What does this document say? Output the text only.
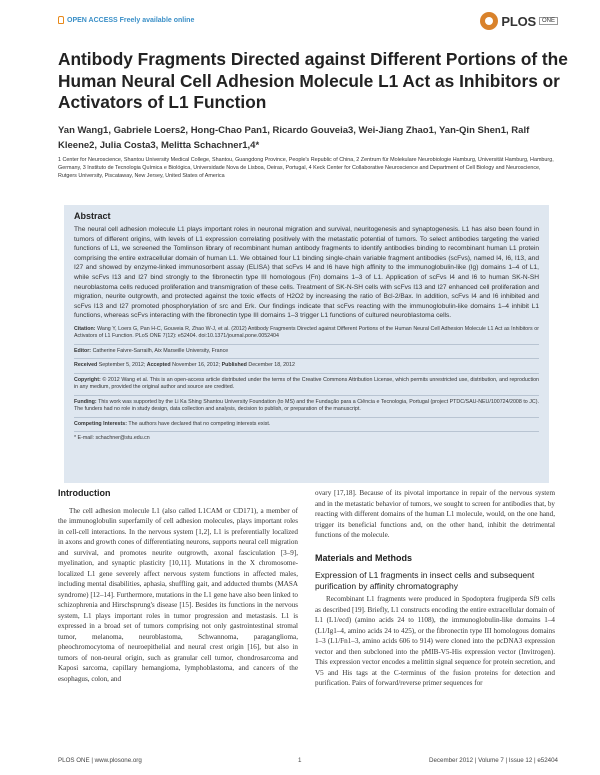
OPEN ACCESS Freely available online	PLOS	ONE
Antibody Fragments Directed against Different Portions of the Human Neural Cell Adhesion Molecule L1 Act as Inhibitors or Activators of L1 Function
Yan Wang1, Gabriele Loers2, Hong-Chao Pan1, Ricardo Gouveia3, Wei-Jiang Zhao1, Yan-Qin Shen1, Ralf Kleene2, Julia Costa3, Melitta Schachner1,4*
1 Center for Neuroscience, Shantou University Medical College, Shantou, Guangdong Province, People's Republic of China, 2 Zentrum für Molekulare Neurobiologie Hamburg, Universität Hamburg, Hamburg, Germany, 3 Instituto de Tecnologia Química e Biológica, Universidade Nova de Lisboa, Oeiras, Portugal, 4 Keck Center for Collaborative Neuroscience and Department of Cell Biology and Neuroscience, Rutgers University, Piscataway, New Jersey, United States of America
Abstract
The neural cell adhesion molecule L1 plays important roles in neuronal migration and survival, neuritogenesis and synaptogenesis. L1 has also been found in tumors of different origins, with levels of L1 expression correlating positively with the metastatic potential of tumors. To select antibodies targeting the varied functions of L1, we screened the Tomlinson library of recombinant human antibody fragments to identify antibodies binding to recombinant human L1 protein comprising the entire extracellular domain of human L1. We obtained four L1 binding single-chain variable fragment antibodies (scFvs), named I4, I6, I13, and I27 and showed by enzyme-linked immunosorbent assay (ELISA) that scFvs I4 and I6 have high affinity to the immunoglobulin-like (Ig) domains 1–4 of L1, while scFvs I13 and I27 bind strongly to the fibronectin type III homologous (Fn) domains 1–3 of L1. Application of scFvs I4 and I6 to human SK-N-SH neuroblastoma cells reduced proliferation and transmigration of these cells. Treatment of SK-N-SH cells with scFvs I13 and I27 enhanced cell proliferation and migration, neurite outgrowth, and protected against the toxic effects of H2O2 by increasing the ratio of Bcl-2/Bax. In addition, scFvs I4 and I6 inhibited and scFvs I13 and I27 promoted phosphorylation of src and Erk. Our findings indicate that scFvs reacting with the immunoglobulin-like domains 1–4 inhibit L1 functions, whereas scFvs interacting with the fibronectin type III domains 1–3 trigger L1 functions of cultured neuroblastoma cells.

Citation: Wang Y, Loers G, Pan H-C, Gouveia R, Zhao W-J, et al. (2012) Antibody Fragments Directed against Different Portions of the Human Neural Cell Adhesion Molecule L1 Act as Inhibitors or Activators of L1 Function. PLoS ONE 7(12): e52404. doi:10.1371/journal.pone.0052404

Editor: Catherine Faivre-Sarrailh, Aix Marseille University, France

Received September 5, 2012; Accepted November 16, 2012; Published December 18, 2012

Copyright: © 2012 Wang et al. This is an open-access article distributed under the terms of the Creative Commons Attribution License, which permits unrestricted use, distribution, and reproduction in any medium, provided the original author and source are credited.

Funding: This work was supported by the Li Ka Shing Shantou University Foundation (to MS) and the Fundação para a Ciência e Tecnologia, Portugal (project PTDC/SAU-NEU/100724/2008 to JC). The funders had no role in study design, data collection and analysis, decision to publish, or preparation of the manuscript.

Competing Interests: The authors have declared that no competing interests exist.

* E-mail: schachner@stu.edu.cn

Introduction

The cell adhesion molecule L1 (also called L1CAM or CD171), a member of the immunoglobulin superfamily of cell adhesion molecules, plays important roles in cell-cell interactions. In the nervous system [1,2], L1 is preferentially localized in axons and growth cones of differentiating neurons, supports neural cell migration and survival, and promotes neurite outgrowth, axonal fasciculation [3–9], myelination, and synaptic plasticity [10,11]. Mutations in the X chromosome-localized L1 gene severely affect nervous system functions in affected males, including mental disabilities, aphasia, shuffling gait, and adducted thumbs (MASA syndrome) [12–14]. Furthermore, mutations in the L1 gene have also been linked to schizophrenia and Hirschsprung's disease [15]. Besides its functions in the nervous system, L1 plays important roles in tumor progression and metastasis. L1 is expressed in a broad set of tumors comprising not only gastrointestinal stromal tumor, melanoma, neuroblastoma, Schwannoma, paraganglioma, pheochromocytoma of neuroepithelial and neural crest origin [16], but also in tumors of non-neural origin, such as granular cell tumor, chondrosarcoma and Kaposi sarcoma, capillary hemangioma, lymphoblastoma, and cancers of the esophagus, colon, and

ovary [17,18]. Because of its pivotal importance in repair of the nervous system and in the metastatic behavior of tumors, we sought to screen for antibodies that, by reacting with different domains of the human L1 molecule, would, on the one hand, trigger its beneficial functions and, on the other hand, inhibit the detrimental functions of the molecule.

Materials and Methods
Expression of L1 fragments in insect cells and subsequent purification by affinity chromatography

Recombinant L1 fragments were produced in Spodoptera frugiperda Sf9 cells as described [19]. Briefly, L1 constructs encoding the entire extracellular domain of L1 (L1/ecd) (amino acids 24 to 1108), the immunoglobulin-like domains 1–4 (L1/Ig1–4, amino acids 24 to 425), or the fibronectin type III homologous domains 1–3 (L1/Fn1–3, amino acids 606 to 914) were cloned into the pcDNA3 expression vector and then subcloned into the pMIB-V5-His expression vector (Invitrogen). This expression vector encodes a melittin signal sequence for protein secretion, and V5 and His tags at the C-terminus of the fusion proteins for detection and purification. Pairs of forward/reverse primer sequences for

PLOS ONE | www.plosone.org	1	December 2012 | Volume 7 | Issue 12 | e52404
